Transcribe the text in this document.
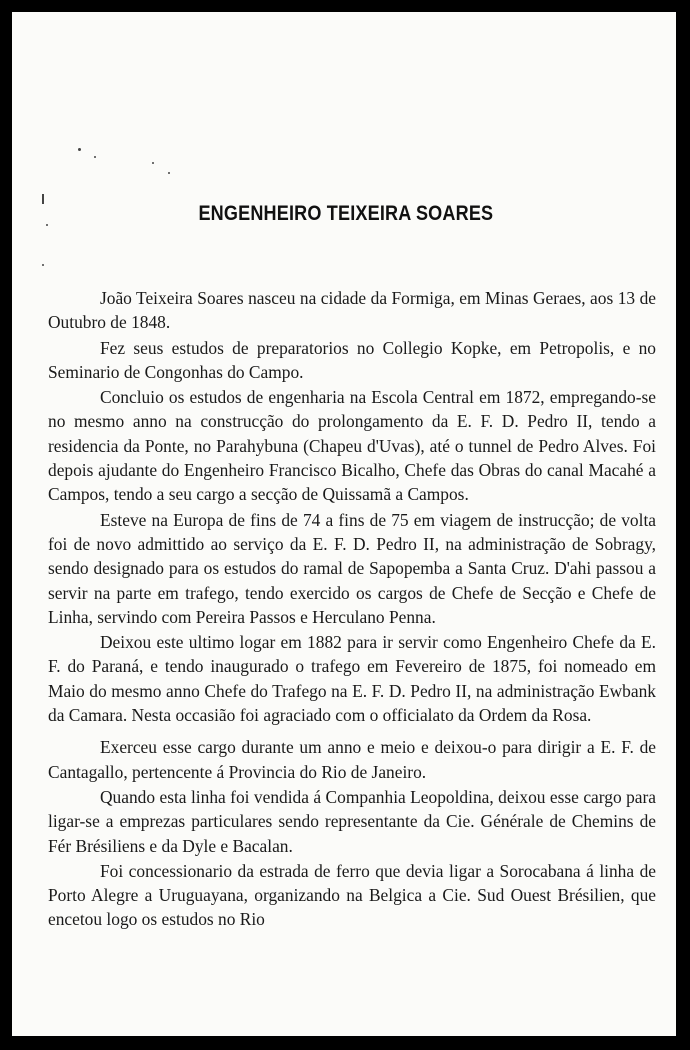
ENGENHEIRO TEIXEIRA SOARES

João Teixeira Soares nasceu na cidade da Formiga, em Minas Geraes, aos 13 de Outubro de 1848.

Fez seus estudos de preparatorios no Collegio Kopke, em Petropolis, e no Seminario de Congonhas do Campo.

Concluio os estudos de engenharia na Escola Central em 1872, empregando-se no mesmo anno na construcção do prolongamento da E. F. D. Pedro II, tendo a residencia da Ponte, no Parahybuna (Chapeu d'Uvas), até o tunnel de Pedro Alves. Foi depois ajudante do Engenheiro Francisco Bicalho, Chefe das Obras do canal Macahé a Campos, tendo a seu cargo a secção de Quissamã a Campos.

Esteve na Europa de fins de 74 a fins de 75 em viagem de instrucção; de volta foi de novo admittido ao serviço da E. F. D. Pedro II, na administração de Sobragy, sendo designado para os estudos do ramal de Sapopemba a Santa Cruz. D'ahi passou a servir na parte em trafego, tendo exercido os cargos de Chefe de Secção e Chefe de Linha, servindo com Pereira Passos e Herculano Penna.

Deixou este ultimo logar em 1882 para ir servir como Engenheiro Chefe da E. F. do Paraná, e tendo inaugurado o trafego em Fevereiro de 1875, foi nomeado em Maio do mesmo anno Chefe do Trafego na E. F. D. Pedro II, na administração Ewbank da Camara. Nesta occasião foi agraciado com o officialato da Ordem da Rosa.

Exerceu esse cargo durante um anno e meio e deixou-o para dirigir a E. F. de Cantagallo, pertencente á Provincia do Rio de Janeiro.

Quando esta linha foi vendida á Companhia Leopoldina, deixou esse cargo para ligar-se a emprezas particulares sendo representante da Cie. Générale de Chemins de Fér Brésiliens e da Dyle e Bacalan.

Foi concessionario da estrada de ferro que devia ligar a Sorocabana á linha de Porto Alegre a Uruguayana, organizando na Belgica a Cie. Sud Ouest Brésilien, que encetou logo os estudos no Rio
